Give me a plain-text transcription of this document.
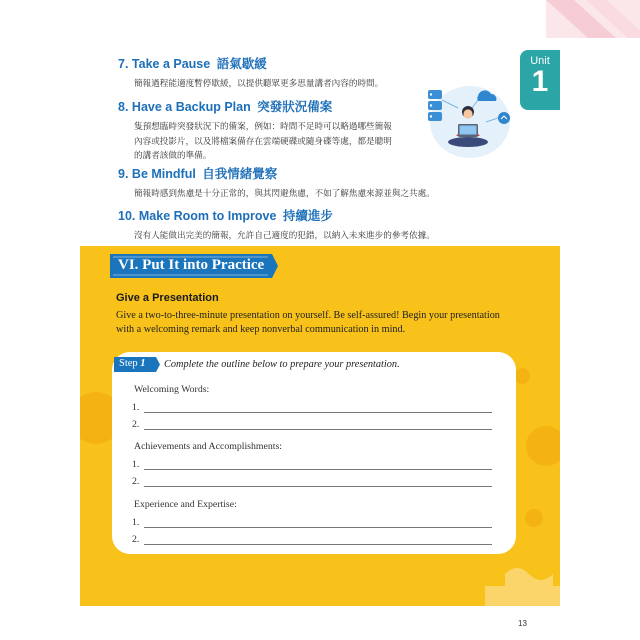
Unit
1
7. Take a Pause 語氣歇緩
簡報過程能適度暫停歇緩，以提供聽眾更多思量講者內容的時間。
8. Have a Backup Plan 突發狀況備案
隻預想臨時突發狀況下的備案，例如：時間不足時可以略過哪些簡報
內容或投影片，以及將檔案備存在雲端硬碟或隨身碟等處，都是聰明
的講者該做的準備。
9. Be Mindful 自我情緒覺察
簡報時感到焦慮是十分正常的，與其閃避焦慮，不如了解焦慮來源並與之共處。
10. Make Room to Improve 持續進步
沒有人能做出完美的簡報，允許自己適度的犯錯，以納入未來進步的參考依據。
VI. Put It into Practice
Give a Presentation
Give a two-to-three-minute presentation on yourself. Be self-assured! Begin your presentation with a welcoming remark and keep nonverbal communication in mind.
Step 1 Complete the outline below to prepare your presentation.
Welcoming Words:
1.
2.
Achievements and Accomplishments:
1.
2.
Experience and Expertise:
1.
2.
13
